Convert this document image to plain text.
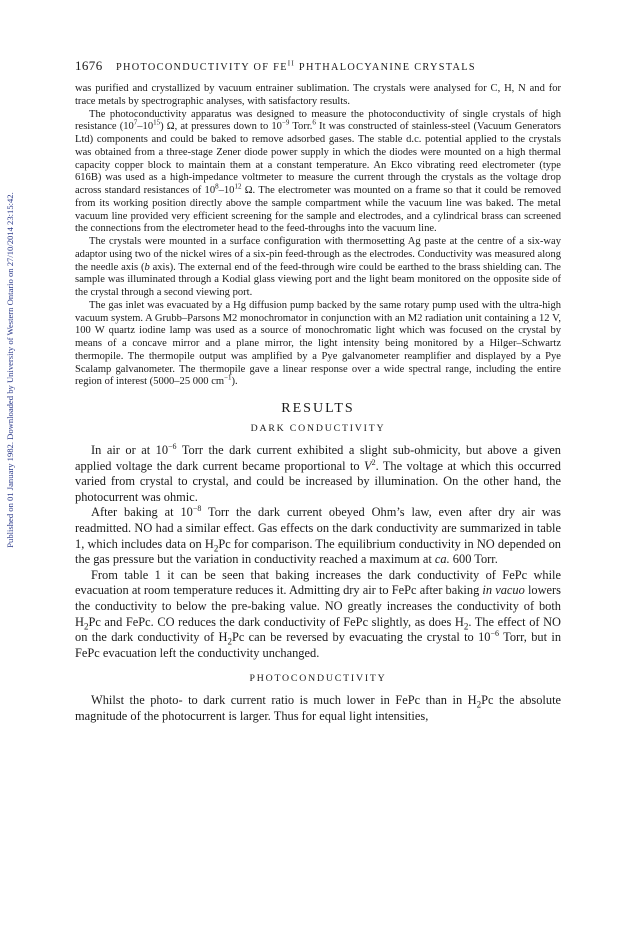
Published on 01 January 1982. Downloaded by University of Western Ontario on 27/10/2014 23:15:42.
1676 PHOTOCONDUCTIVITY OF $FE^{II}$ PHTHALOCYANINE CRYSTALS

was purified and crystallized by vacuum entrainer sublimation. The crystals were analysed for C, H, N and for trace metals by spectrographic analyses, with satisfactory results.

The photoconductivity apparatus was designed to measure the photoconductivity of single crystals of high resistance $(10^7-10^{15})$ Ω, at pressures down to $10^{-9}$ Torr.$^6$ It was constructed of stainless-steel (Vacuum Generators Ltd) components and could be baked to remove adsorbed gases. The stable d.c. potential applied to the crystals was obtained from a three-stage Zener diode power supply in which the diodes were mounted on a high thermal capacity copper block to maintain them at a constant temperature. An Ekco vibrating reed electrometer (type 616B) was used as a high-impedance voltmeter to measure the current through the crystals as the voltage drop across standard resistances of $10^8-10^{12}$ Ω. The electrometer was mounted on a frame so that it could be removed from its working position directly above the sample compartment while the vacuum line was baked. The metal vacuum line provided very efficient screening for the sample and electrodes, and a cylindrical brass can screened the connections from the electrometer head to the feed-throughs into the vacuum line.

The crystals were mounted in a surface configuration with thermosetting Ag paste at the centre of a six-way adaptor using two of the nickel wires of a six-pin feed-through as the electrodes. Conductivity was measured along the needle axis (b axis). The external end of the feed-through wire could be earthed to the brass shielding can. The sample was illuminated through a Kodial glass viewing port and the light beam monitored on the opposite side of the crystal through a second viewing port.

The gas inlet was evacuated by a Hg diffusion pump backed by the same rotary pump used with the ultra-high vacuum system. A Grubb–Parsons M2 monochromator in conjunction with an M2 radiation unit containing a 12 V, 100 W quartz iodine lamp was used as a source of monochromatic light which was focused on the crystal by means of a concave mirror and a plane mirror, the light intensity being monitored by a Hilger–Schwartz thermopile. The thermopile output was amplified by a Pye galvanometer reamplifier and displayed by a Pye Scalamp galvanometer. The thermopile gave a linear response over a wide spectral range, including the entire region of interest (5000–25 000 $cm^{-1}$).

RESULTS
DARK CONDUCTIVITY

In air or at $10^{-6}$ Torr the dark current exhibited a slight sub-ohmicity, but above a given applied voltage the dark current became proportional to $V^2$. The voltage at which this occurred varied from crystal to crystal, and could be increased by illumination. On the other hand, the photocurrent was ohmic.

After baking at $10^{-8}$ Torr the dark current obeyed Ohm’s law, even after dry air was readmitted. NO had a similar effect. Gas effects on the dark conductivity are summarized in table 1, which includes data on $H_2Pc$ for comparison. The equilibrium conductivity in NO depended on the gas pressure but the variation in conductivity reached a maximum at ca. 600 Torr.

From table 1 it can be seen that baking increases the dark conductivity of FePc while evacuation at room temperature reduces it. Admitting dry air to FePc after baking in vacuo lowers the conductivity to below the pre-baking value. NO greatly increases the conductivity of both $H_2Pc$ and FePc. CO reduces the dark conductivity of FePc slightly, as does $H_2$. The effect of NO on the dark conductivity of $H_2Pc$ can be reversed by evacuating the crystal to $10^{-6}$ Torr, but in FePc evacuation left the conductivity unchanged.

PHOTOCONDUCTIVITY

Whilst the photo- to dark current ratio is much lower in FePc than in $H_2Pc$ the absolute magnitude of the photocurrent is larger. Thus for equal light intensities,
